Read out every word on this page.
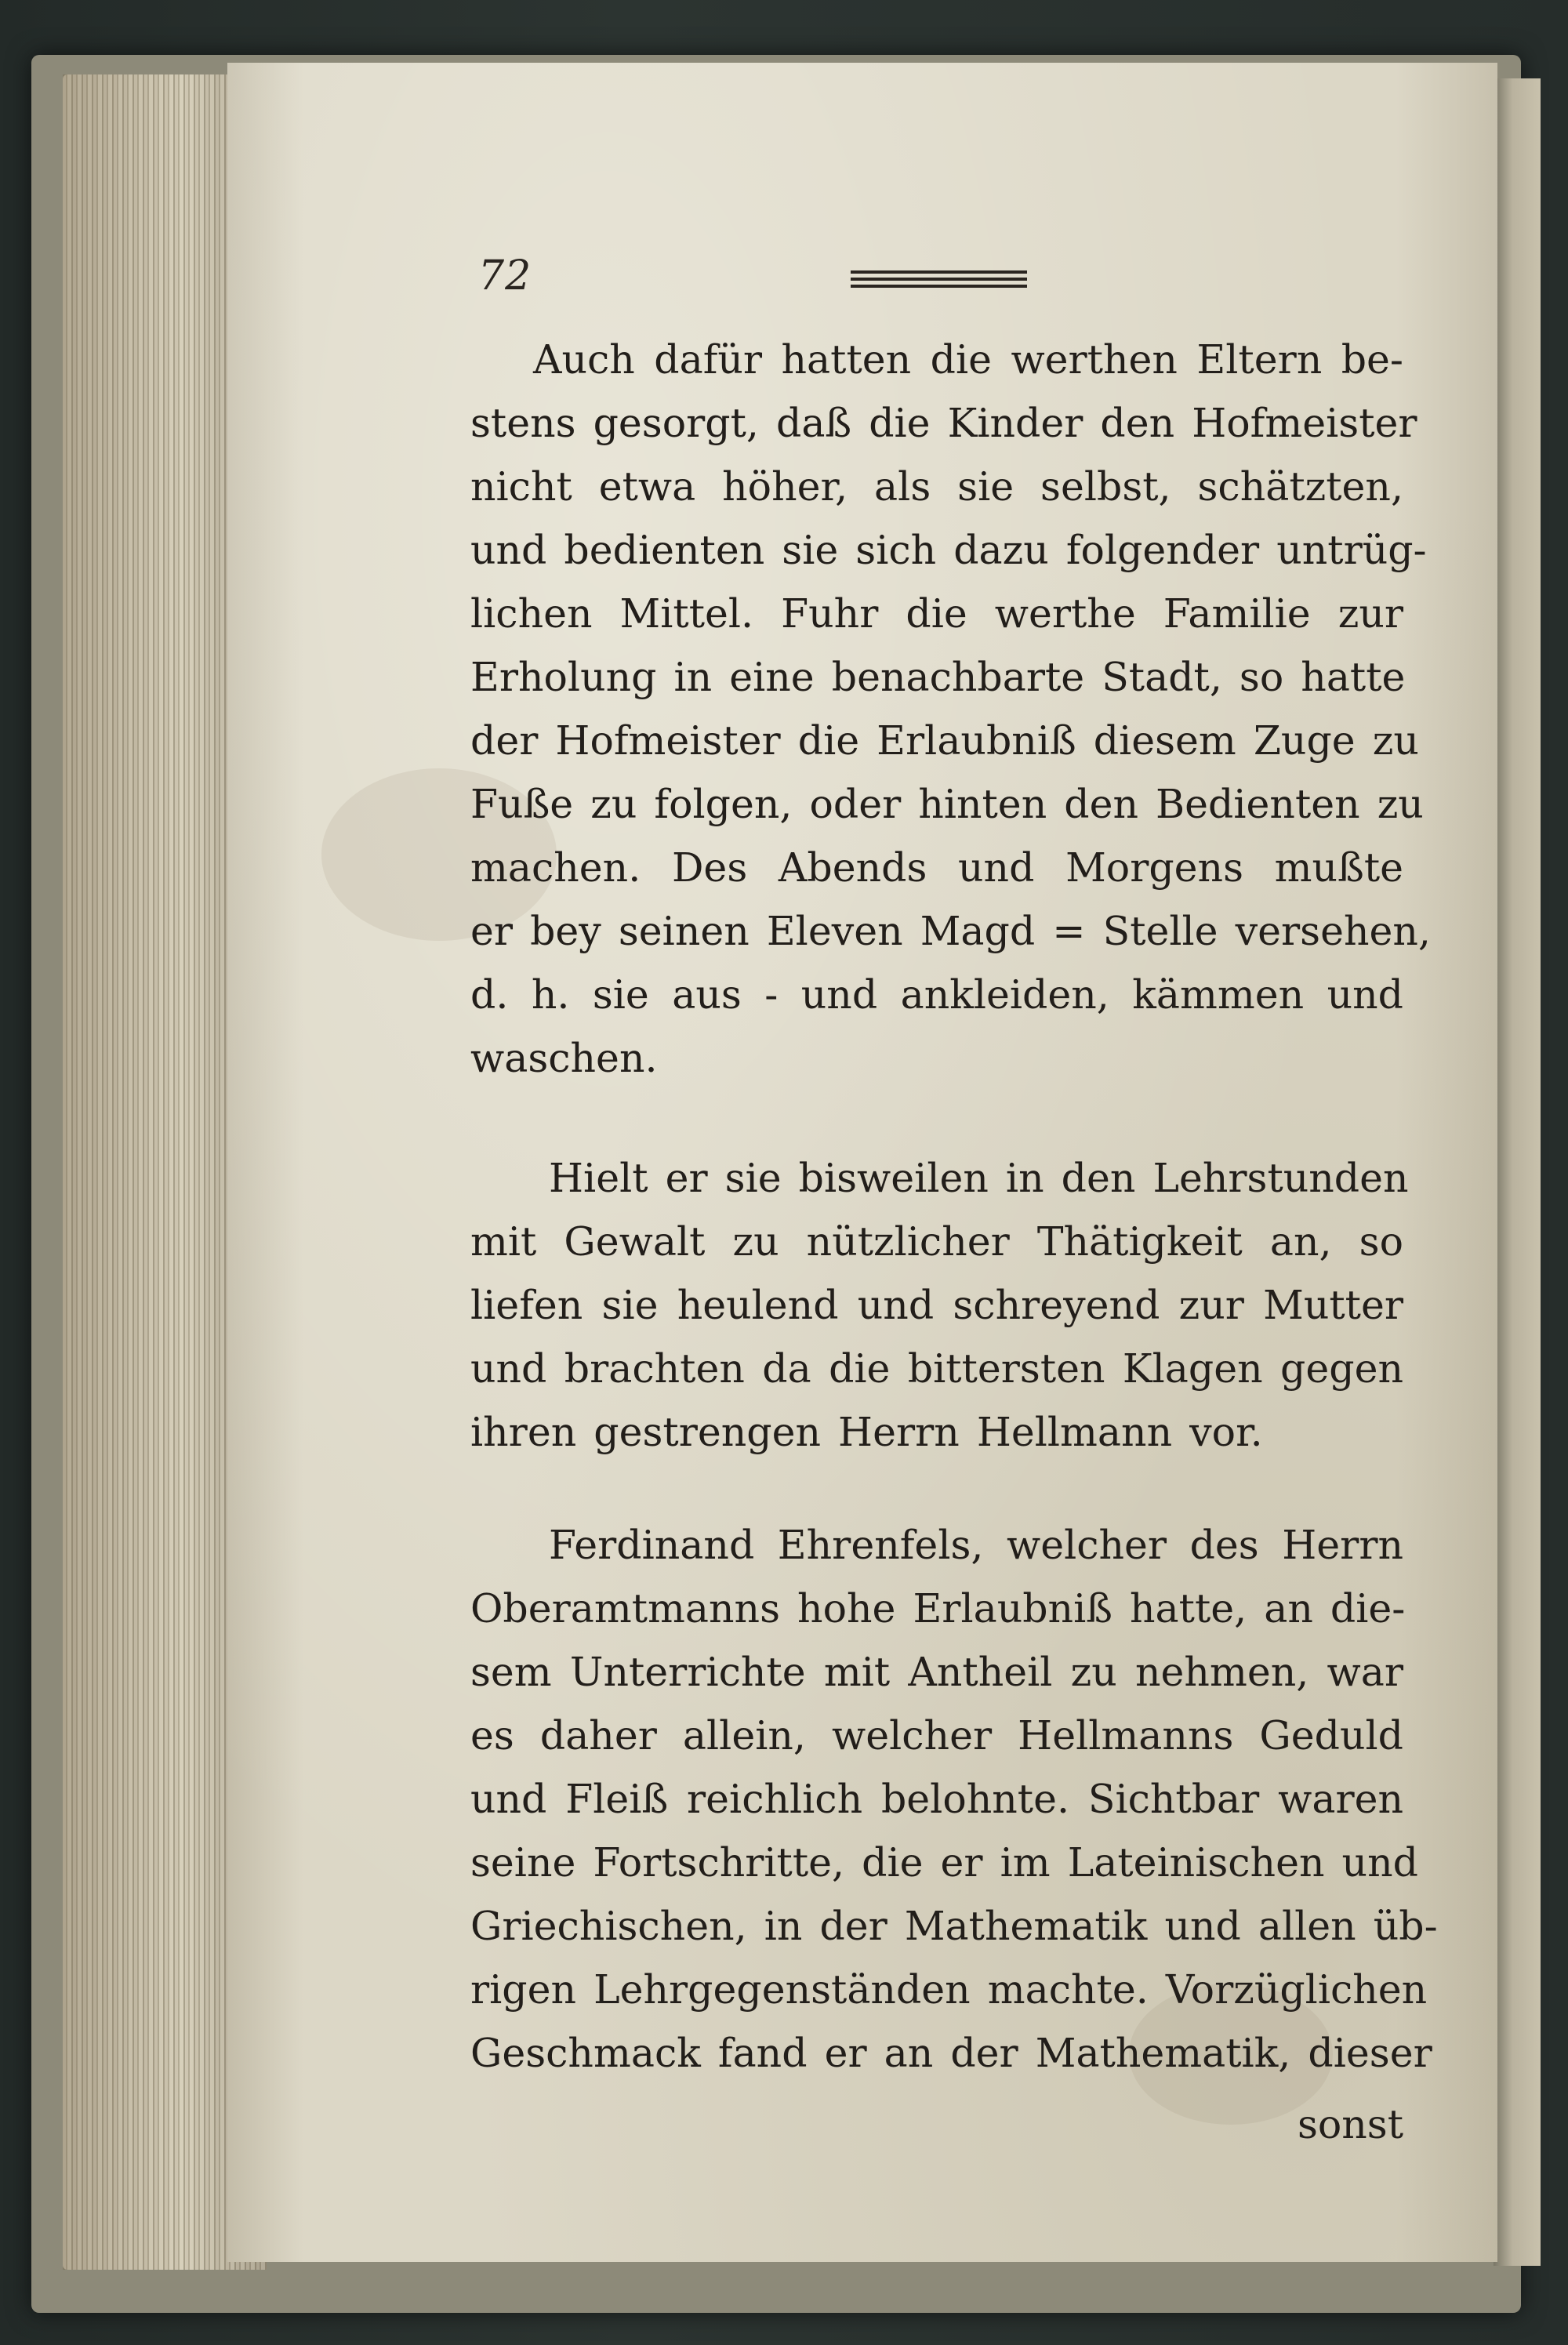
72
Auch dafür hatten die werthen Eltern be-
stens gesorgt, daß die Kinder den Hofmeister
nicht etwa höher, als sie selbst, schätzten,
und bedienten sie sich dazu folgender untrüg-
lichen Mittel. Fuhr die werthe Familie zur
Erholung in eine benachbarte Stadt, so hatte
der Hofmeister die Erlaubniß diesem Zuge zu
Fuße zu folgen, oder hinten den Bedienten zu
machen. Des Abends und Morgens mußte
er bey seinen Eleven Magd = Stelle versehen,
d. h. sie aus - und ankleiden, kämmen und
waschen.
Hielt er sie bisweilen in den Lehrstunden
mit Gewalt zu nützlicher Thätigkeit an, so
liefen sie heulend und schreyend zur Mutter
und brachten da die bittersten Klagen gegen
ihren gestrengen Herrn Hellmann vor.
Ferdinand Ehrenfels, welcher des Herrn
Oberamtmanns hohe Erlaubniß hatte, an die-
sem Unterrichte mit Antheil zu nehmen, war
es daher allein, welcher Hellmanns Geduld
und Fleiß reichlich belohnte. Sichtbar waren
seine Fortschritte, die er im Lateinischen und
Griechischen, in der Mathematik und allen üb-
rigen Lehrgegenständen machte. Vorzüglichen
Geschmack fand er an der Mathematik, dieser
sonst
